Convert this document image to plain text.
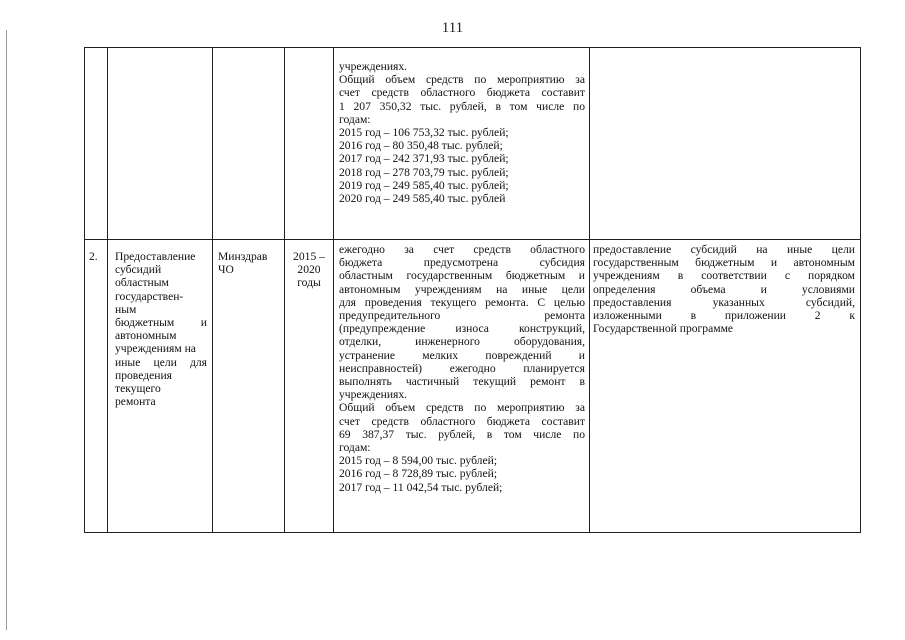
111
учреждениях.
Общий объем средств по мероприятию за
счет средств областного бюджета составит
1 207 350,32 тыс. рублей, в том числе по
годам:
2015 год – 106 753,32 тыс. рублей;
2016 год – 80 350,48 тыс. рублей;
2017 год – 242 371,93 тыс. рублей;
2018 год – 278 703,79 тыс. рублей;
2019 год – 249 585,40 тыс. рублей;
2020 год – 249 585,40 тыс. рублей
2.	Предоставление
субсидий
областным
государствен-
ным
бюджетным и
автономным
учреждениям на
иные цели для
проведения
текущего
ремонта
Минздрав
ЧО
2015 –
2020
годы
ежегодно за счет средств областного
бюджета предусмотрена субсидия
областным государственным бюджетным и
автономным учреждениям на иные цели
для проведения текущего ремонта. С целью
предупредительного ремонта
(предупреждение износа конструкций,
отделки, инженерного оборудования,
устранение мелких повреждений и
неисправностей) ежегодно планируется
выполнять частичный текущий ремонт в
учреждениях.
Общий объем средств по мероприятию за
счет средств областного бюджета составит
69 387,37 тыс. рублей, в том числе по
годам:
2015 год – 8 594,00 тыс. рублей;
2016 год – 8 728,89 тыс. рублей;
2017 год – 11 042,54 тыс. рублей;
предоставление субсидий на иные цели
государственным бюджетным и автономным
учреждениям в соответствии с порядком
определения объема и условиями
предоставления указанных субсидий,
изложенными в приложении 2 к
Государственной программе
